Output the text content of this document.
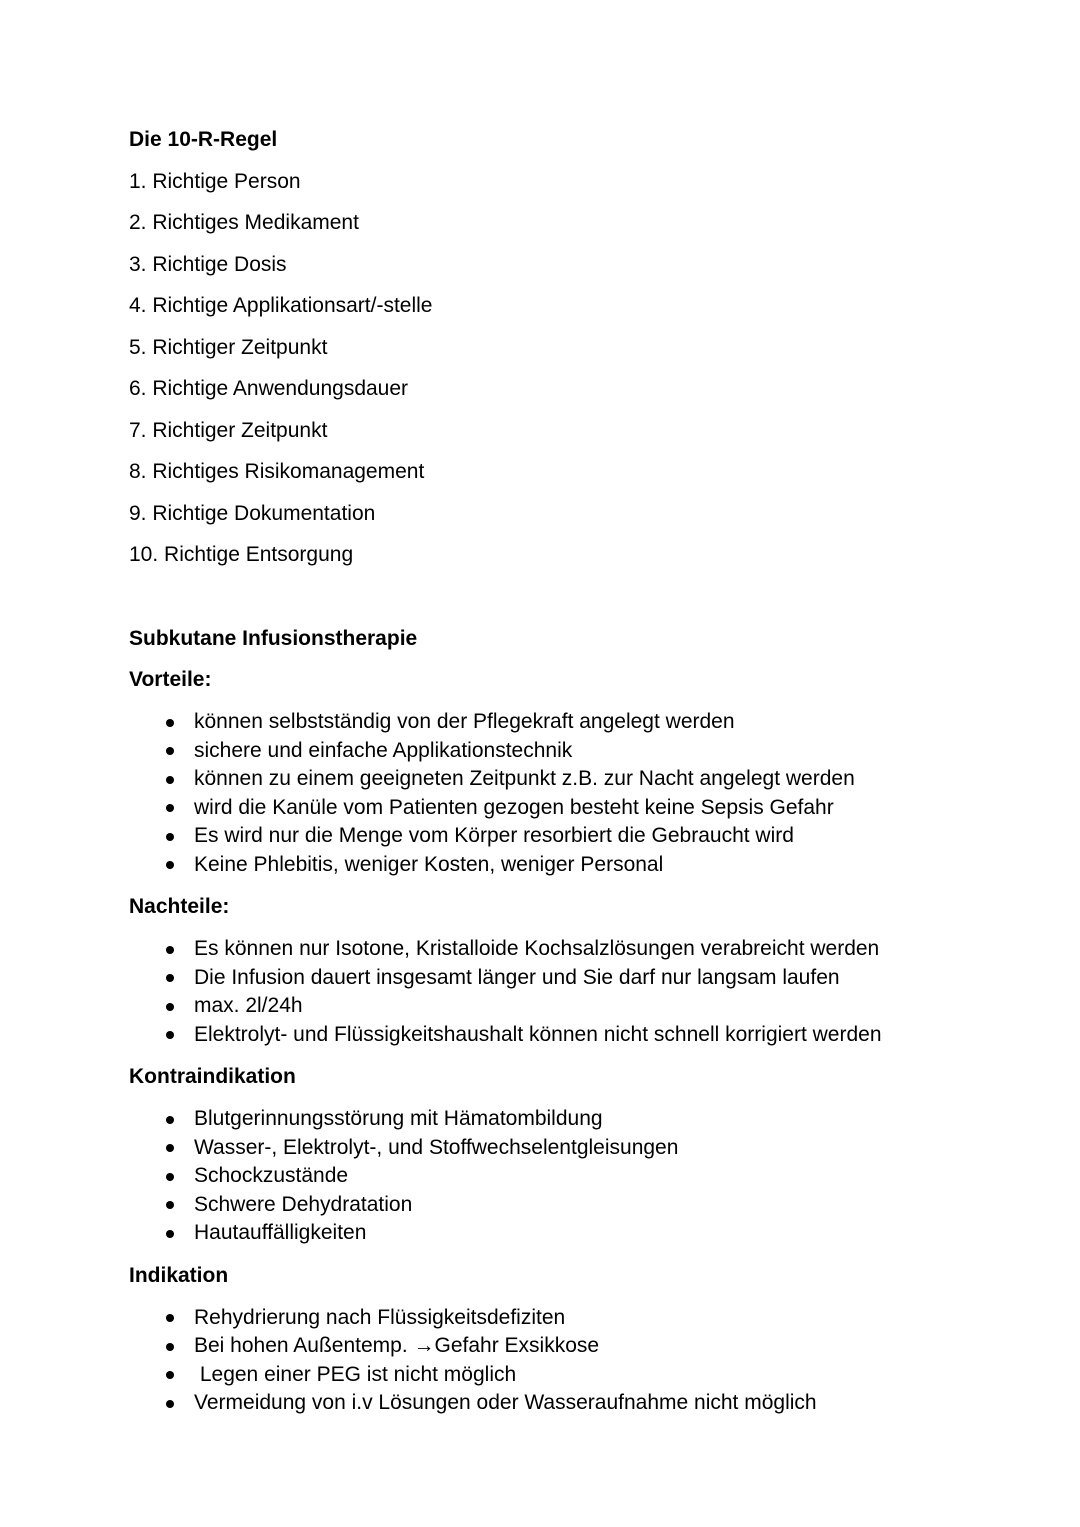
Die 10-R-Regel
1. Richtige Person
2. Richtiges Medikament
3. Richtige Dosis
4. Richtige Applikationsart/-stelle
5. Richtiger Zeitpunkt
6. Richtige Anwendungsdauer
7. Richtiger Zeitpunkt
8. Richtiges Risikomanagement
9. Richtige Dokumentation
10. Richtige Entsorgung
Subkutane Infusionstherapie
Vorteile:
können selbstständig von der Pflegekraft angelegt werden
sichere und einfache Applikationstechnik
können zu einem geeigneten Zeitpunkt z.B. zur Nacht angelegt werden
wird die Kanüle vom Patienten gezogen besteht keine Sepsis Gefahr
Es wird nur die Menge vom Körper resorbiert die Gebraucht wird
Keine Phlebitis, weniger Kosten, weniger Personal
Nachteile:
Es können nur Isotone, Kristalloide Kochsalzlösungen verabreicht werden
Die Infusion dauert insgesamt länger und Sie darf nur langsam laufen
max. 2l/24h
Elektrolyt- und Flüssigkeitshaushalt können nicht schnell korrigiert werden
Kontraindikation
Blutgerinnungsstörung mit Hämatombildung
Wasser-, Elektrolyt-, und Stoffwechselentgleisungen
Schockzustände
Schwere Dehydratation
Hautauffälligkeiten
Indikation
Rehydrierung nach Flüssigkeitsdefiziten
Bei hohen Außentemp. →Gefahr Exsikkose
Legen einer PEG ist nicht möglich
Vermeidung von i.v Lösungen oder Wasseraufnahme nicht möglich
